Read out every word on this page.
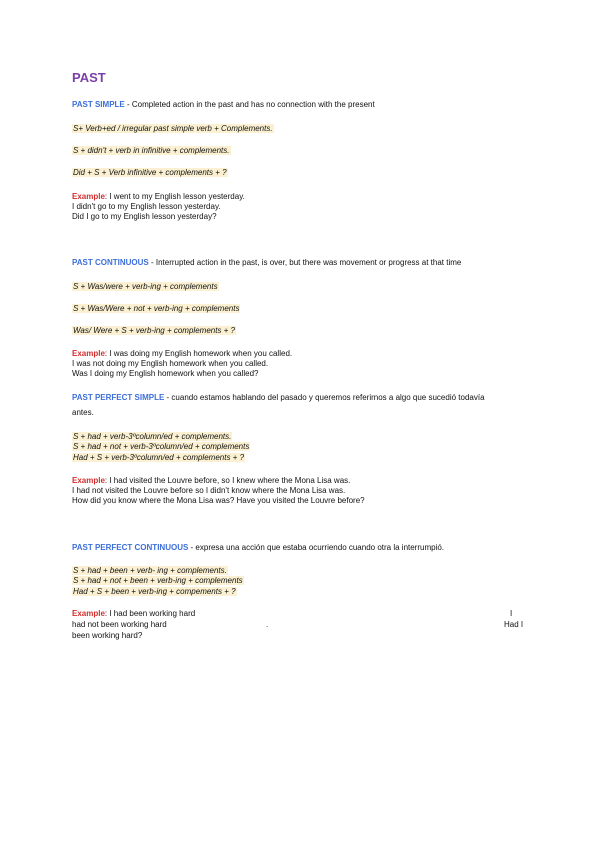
PAST
PAST SIMPLE - Completed action in the past and has no connection with the present
S+ Verb+ed / irregular past simple verb + Complements.
S + didn't + verb in infinitive + complements.
Did + S + Verb infinitive + complements + ?
Example: I went to my English lesson yesterday.
I didn't go to my English lesson yesterday.
Did I go to my English lesson yesterday?
PAST CONTINUOUS - Interrupted action in the past, is over, but there was movement or progress at that time
S + Was/were + verb-ing + complements
S + Was/Were + not + verb-ing + complements
Was/ Were + S + verb-ing + complements + ?
Example: I was doing my English homework when you called.
I was not doing my English homework when you called.
Was I doing my English homework when you called?
PAST PERFECT SIMPLE - cuando estamos hablando del pasado y queremos referirnos a algo que sucedió todavía
antes.
S + had + verb-3ºcolumn/ed + complements.
S + had + not + verb-3ºcolumn/ed + complements
Had + S + verb-3ºcolumn/ed + complements + ?
Example: I had visited the Louvre before, so I knew where the Mona Lisa was.
I had not visited the Louvre before so I didn't know where the Mona Lisa was.
How did you know where the Mona Lisa was? Have you visited the Louvre before?
PAST PERFECT CONTINUOUS - expresa una acción que estaba ocurriendo cuando otra la interrumpió.
S + had + been + verb- ing + complements.
S + had + not + been + verb-ing + complements
Had + S + been + verb-ing + compements + ?
Example: I had been working hard	I
had not been working hard	.	Had I
been working hard?
